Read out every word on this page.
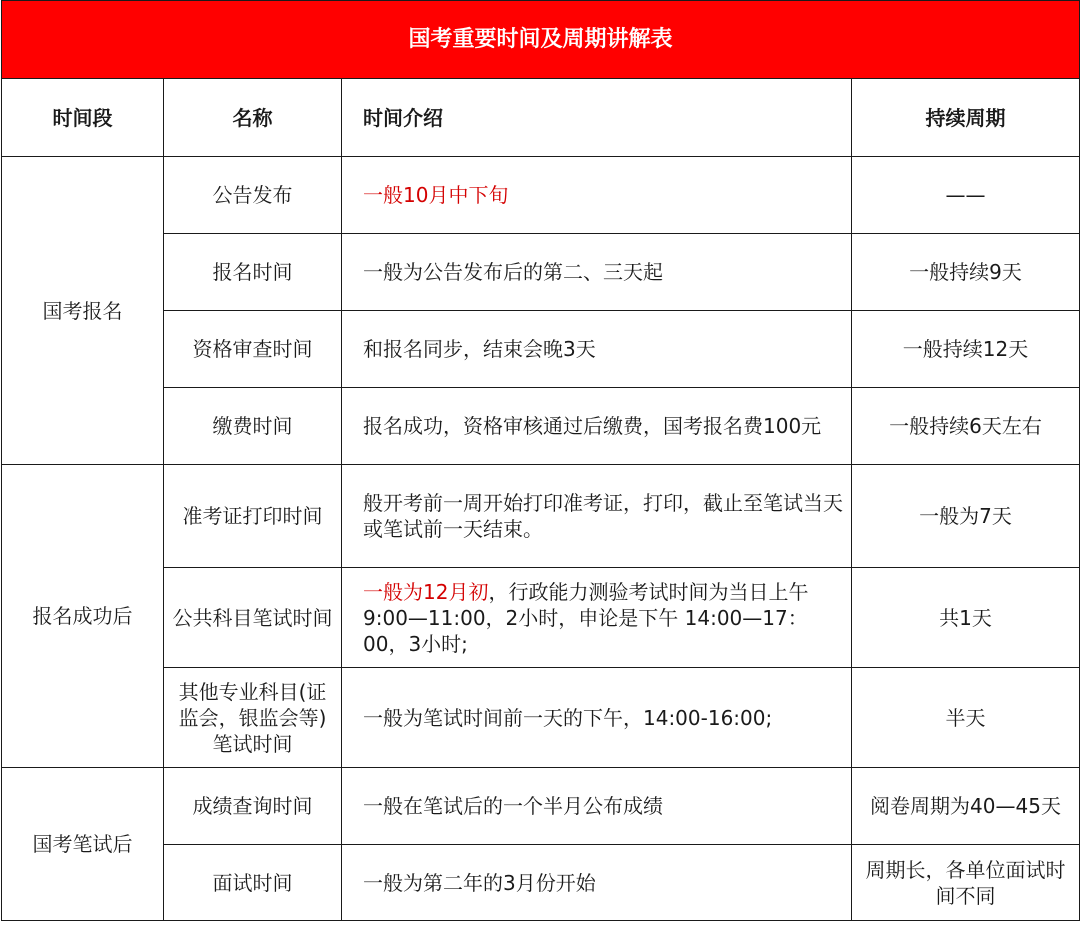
国考重要时间及周期讲解表			
时间段	名称	时间介绍	持续周期
国考报名	公告发布	一般10月中下旬	——
	报名时间	一般为公告发布后的第二、三天起	一般持续9天
	资格审查时间	和报名同步，结束会晚3天	一般持续12天
	缴费时间	报名成功，资格审核通过后缴费，国考报名费100元	一般持续6天左右
报名成功后	准考证打印时间	般开考前一周开始打印准考证，打印，截止至笔试当天或笔试前一天结束。	一般为7天
	公共科目笔试时间	一般为12月初，行政能力测验考试时间为当日上午9:00—11:00，2小时，申论是下午 14:00—17：00，3小时;	共1天
	其他专业科目(证监会，银监会等)笔试时间	一般为笔试时间前一天的下午，14:00-16:00;	半天
国考笔试后	成绩查询时间	一般在笔试后的一个半月公布成绩	阅卷周期为40—45天
	面试时间	一般为第二年的3月份开始	周期长，各单位面试时间不同
